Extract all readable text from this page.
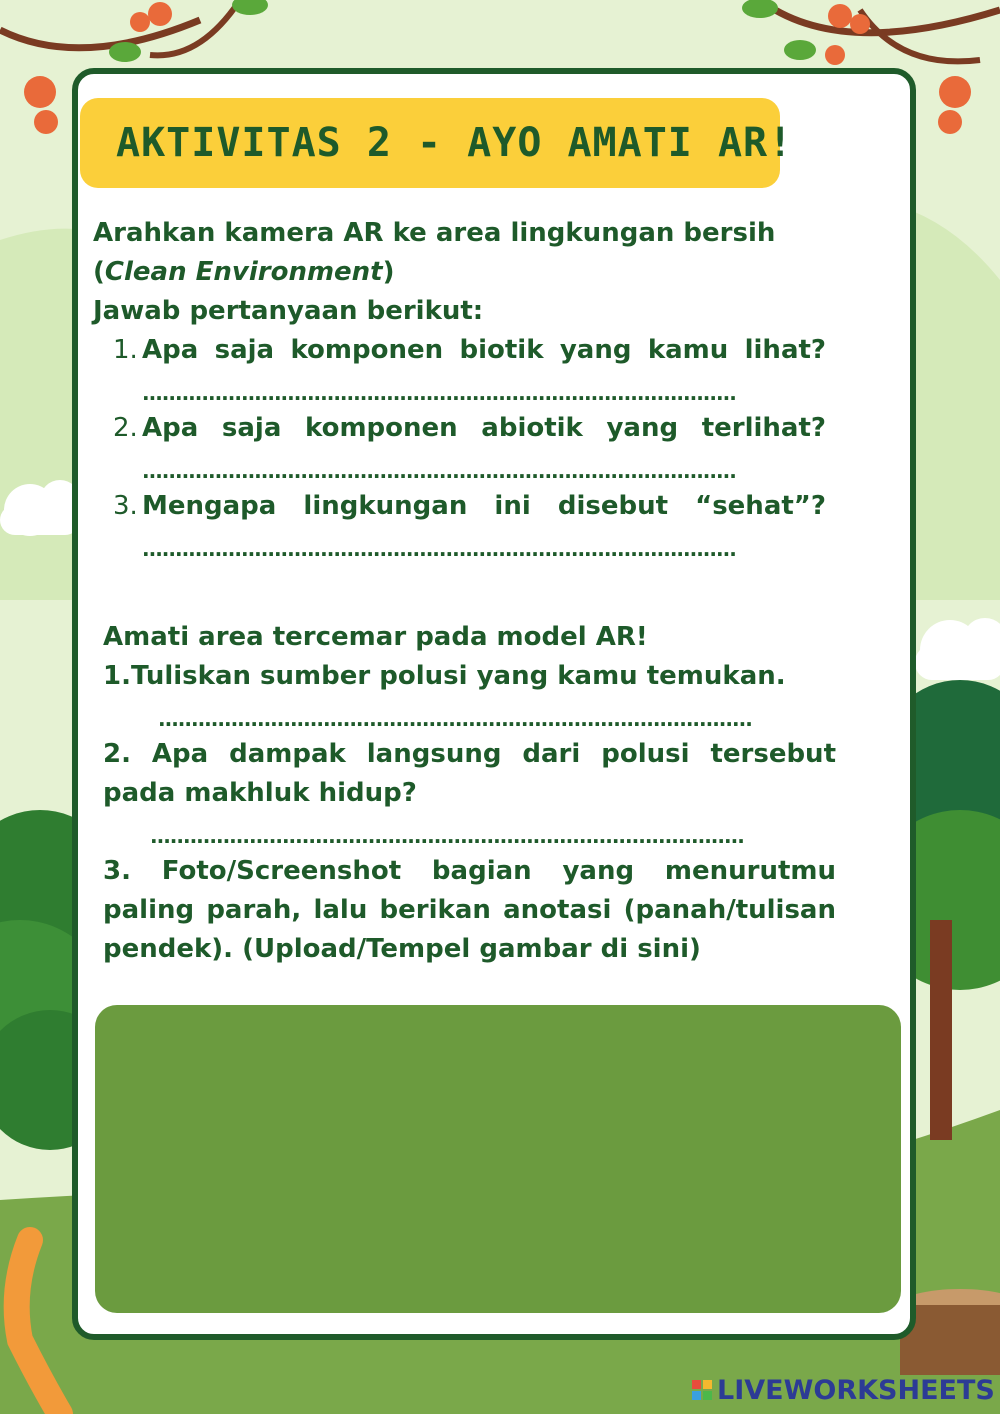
AKTIVITAS 2 - AYO AMATI AR!
Arahkan kamera AR ke area lingkungan bersih (Clean Environment)
Jawab pertanyaan berikut:
1. Apa saja komponen biotik yang kamu lihat?
..........................................................................................
2. Apa saja komponen abiotik yang terlihat?
..........................................................................................
3. Mengapa lingkungan ini disebut “sehat”?
..........................................................................................
Amati area tercemar pada model AR!
1.Tuliskan sumber polusi yang kamu temukan.
..........................................................................................
2. Apa dampak langsung dari polusi tersebut pada makhluk hidup?
..........................................................................................
3. Foto/Screenshot bagian yang menurutmu paling parah, lalu berikan anotasi (panah/tulisan pendek). (Upload/Tempel gambar di sini)
LIVEWORKSHEETS
